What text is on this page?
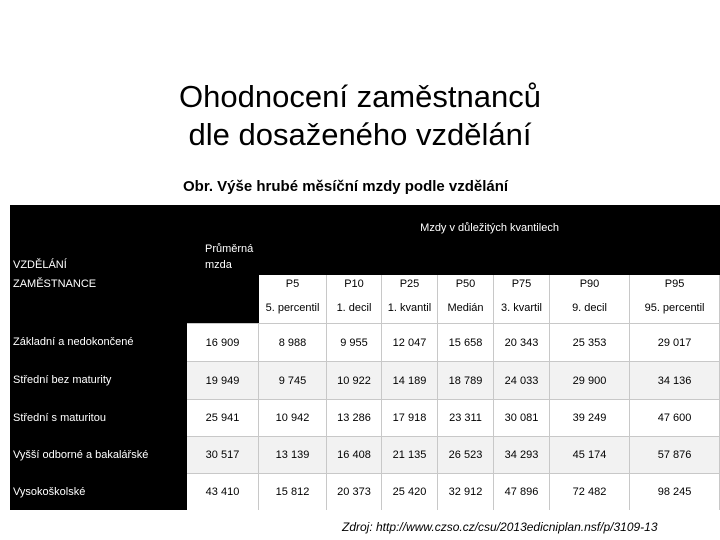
Ohodnocení zaměstnanců
dle dosaženého vzdělání
Obr. Výše hrubé měsíční mzdy podle vzdělání
	Průměrná	Mzdy v důležitých kvantilech						
VZDĚLÁNÍ	mzda							
ZAMĚSTNANCE		P5	P10	P25	P50	P75	P90	P95
		5. percentil	1. decil	1. kvantil	Medián	3. kvartil	9. decil	95. percentil
Základní a nedokončené	16 909	8 988	9 955	12 047	15 658	20 343	25 353	29 017
Střední bez maturity	19 949	9 745	10 922	14 189	18 789	24 033	29 900	34 136
Střední s maturitou	25 941	10 942	13 286	17 918	23 311	30 081	39 249	47 600
Vyšší odborné a bakalářské	30 517	13 139	16 408	21 135	26 523	34 293	45 174	57 876
Vysokoškolské	43 410	15 812	20 373	25 420	32 912	47 896	72 482	98 245
Zdroj: http://www.czso.cz/csu/2013edicniplan.nsf/p/3109-13
